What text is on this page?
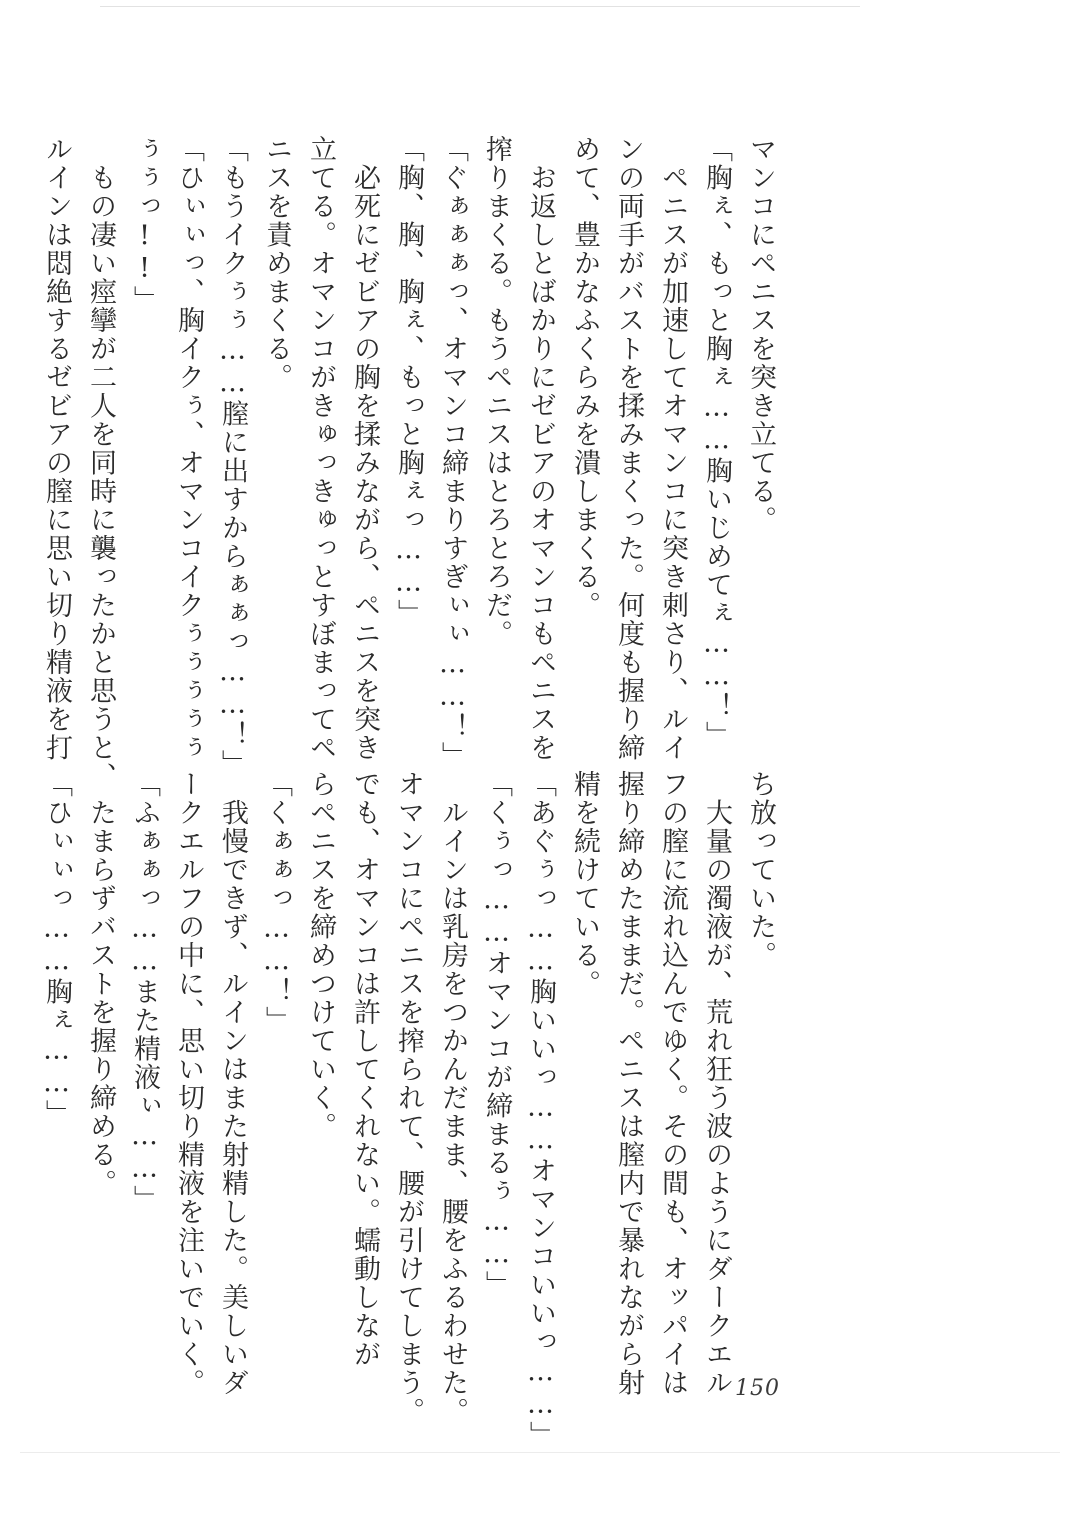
マンコにペニスを突き立てる。
「胸ぇ、もっと胸ぇ……胸いじめてぇ……！」
　ペニスが加速してオマンコに突き刺さり、ルイ
ンの両手がバストを揉みまくった。何度も握り締
めて、豊かなふくらみを潰しまくる。
　お返しとばかりにゼビアのオマンコもペニスを
搾りまくる。もうペニスはとろとろだ。
「ぐぁぁぁっ、オマンコ締まりすぎぃぃ……！」
「胸、胸、胸ぇ、もっと胸ぇっ……」
　必死にゼビアの胸を揉みながら、ペニスを突き
立てる。オマンコがきゅっきゅっとすぼまってペ
ニスを責めまくる。
「もうイクぅぅ……膣に出すからぁぁっ……！」
「ひぃぃっ、胸イクぅ、オマンコイクぅぅぅぅぅ
ぅぅっ!!」
　もの凄い痙攣が二人を同時に襲ったかと思うと、
ルインは悶絶するゼビアの膣に思い切り精液を打
ち放っていた。
　大量の濁液が、荒れ狂う波のようにダークエル
フの膣に流れ込んでゆく。その間も、オッパイは
握り締めたままだ。ペニスは膣内で暴れながら射
精を続けている。
「あぐぅっ……胸いいっ……オマンコいいっ……」
「くぅっ……オマンコが締まるぅ……」
　ルインは乳房をつかんだまま、腰をふるわせた。
オマンコにペニスを搾られて、腰が引けてしまう。
でも、オマンコは許してくれない。蠕動しなが
らペニスを締めつけていく。
「くぁぁっ……！」
　我慢できず、ルインはまた射精した。美しいダ
ークエルフの中に、思い切り精液を注いでいく。
「ふぁぁっ……また精液ぃ……」
　たまらずバストを握り締める。
「ひぃぃっ……胸ぇ……」
150
